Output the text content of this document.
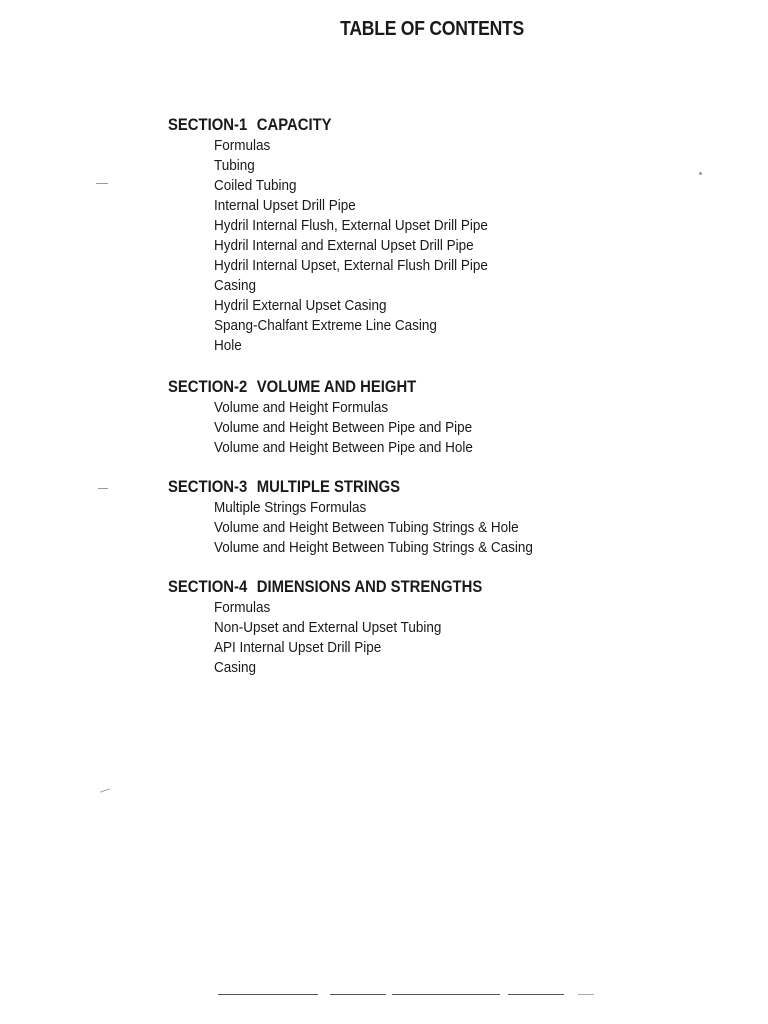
TABLE OF CONTENTS
SECTION-1 CAPACITY
Formulas
Tubing
Coiled Tubing
Internal Upset Drill Pipe
Hydril Internal Flush, External Upset Drill Pipe
Hydril Internal and External Upset Drill Pipe
Hydril Internal Upset, External Flush Drill Pipe
Casing
Hydril External Upset Casing
Spang-Chalfant Extreme Line Casing
Hole
SECTION-2 VOLUME AND HEIGHT
Volume and Height Formulas
Volume and Height Between Pipe and Pipe
Volume and Height Between Pipe and Hole
SECTION-3 MULTIPLE STRINGS
Multiple Strings Formulas
Volume and Height Between Tubing Strings & Hole
Volume and Height Between Tubing Strings & Casing
SECTION-4 DIMENSIONS AND STRENGTHS
Formulas
Non-Upset and External Upset Tubing
API Internal Upset Drill Pipe
Casing
